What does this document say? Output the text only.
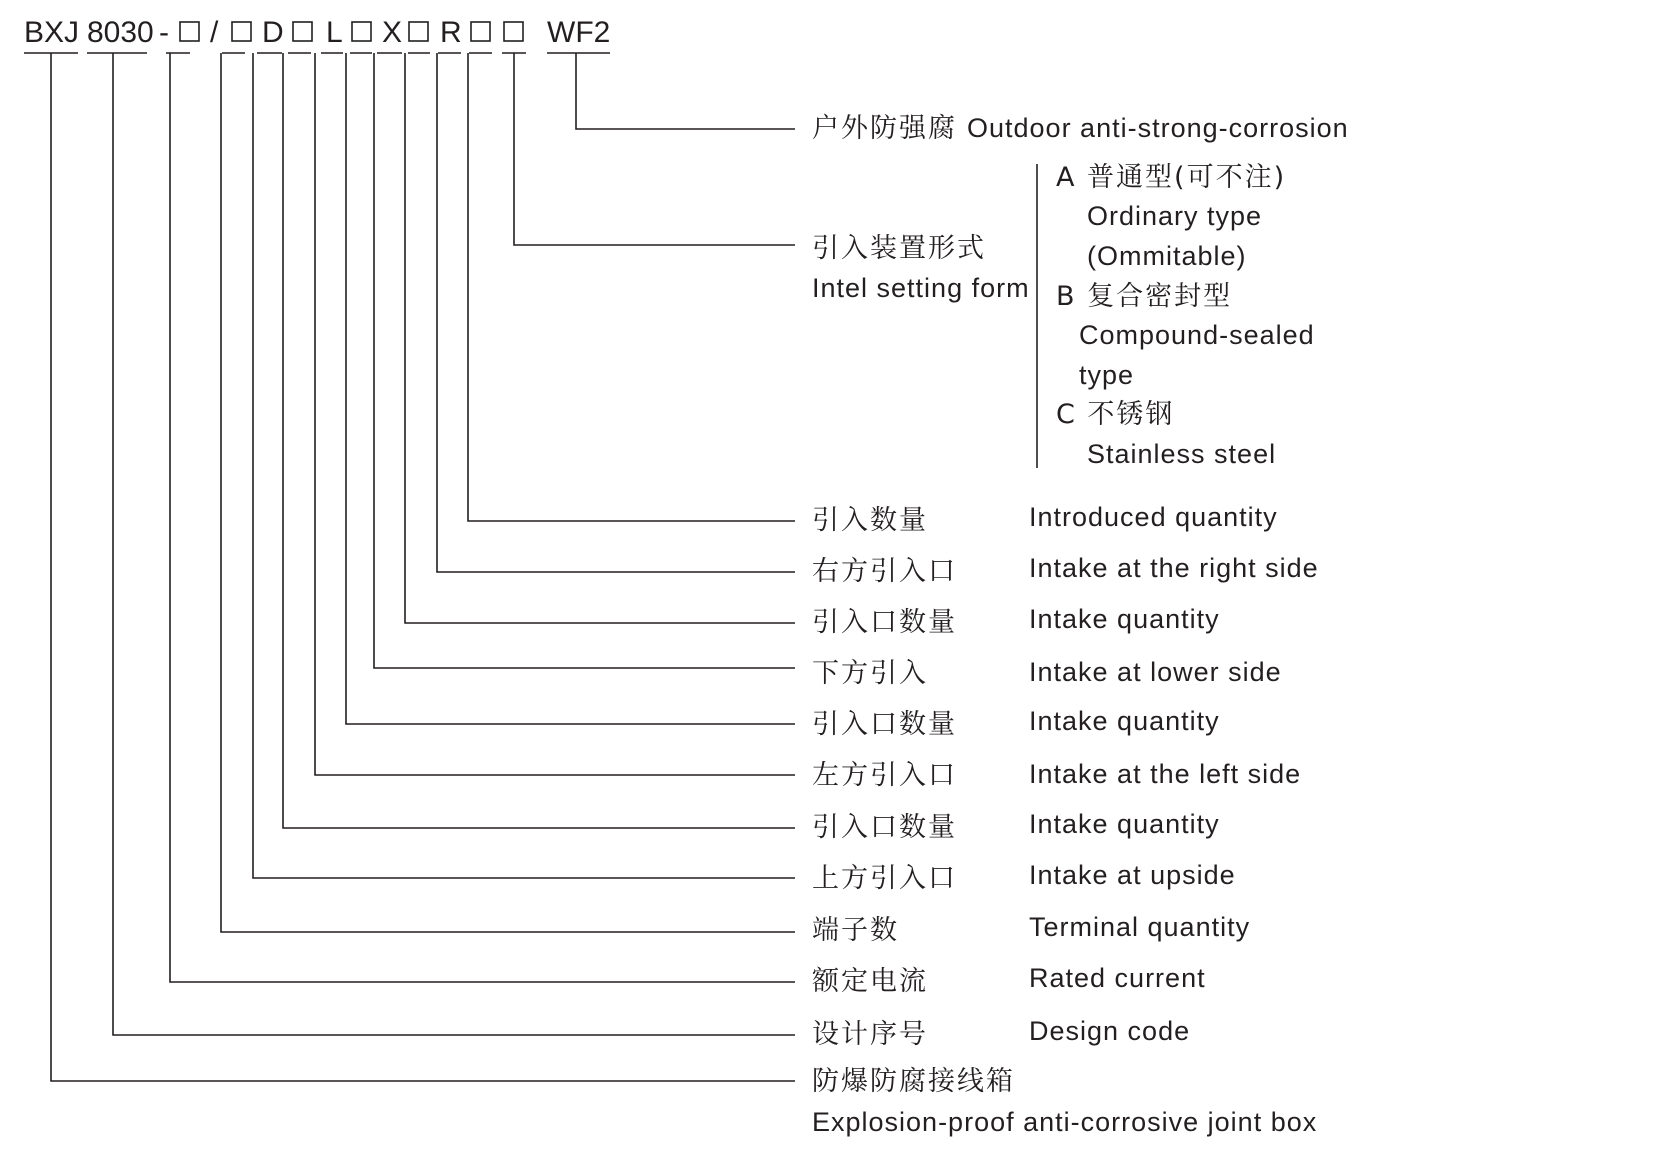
BXJ 8030 - / D L X R	WF2
户外防强腐 Outdoor anti-strong-corrosion
引入装置形式
Intel setting form
A 普通型(可不注)
Ordinary type
(Ommitable)
B 复合密封型
Compound-sealed
type
C 不锈钢
Stainless steel
引入数量	Introduced quantity
右方引入口	Intake at the right side
引入口数量	Intake quantity
下方引入	Intake at lower side
引入口数量	Intake quantity
左方引入口	Intake at the left side
引入口数量	Intake quantity
上方引入口	Intake at upside
端子数	Terminal quantity
额定电流	Rated current
设计序号	Design code
防爆防腐接线箱
Explosion-proof anti-corrosive joint box
